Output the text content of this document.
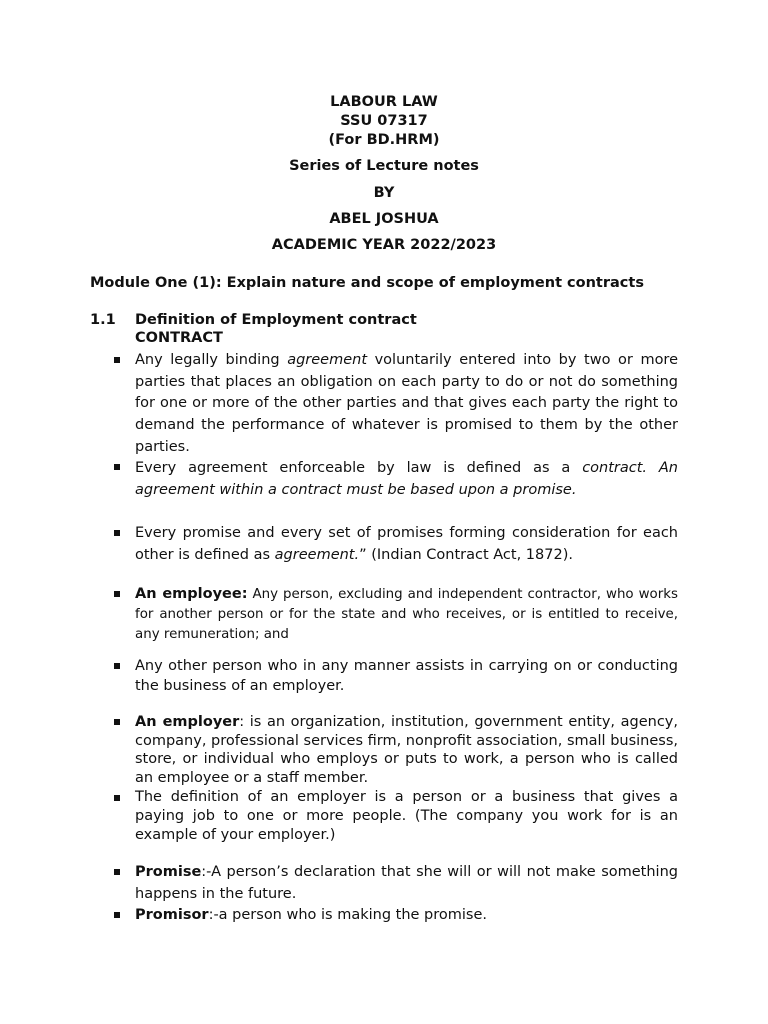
LABOUR LAW
SSU 07317
(For BD.HRM)
Series of Lecture notes
BY
ABEL JOSHUA
ACADEMIC YEAR 2022/2023
Module One (1): Explain nature and scope of employment contracts
1.1 Definition of Employment contract
CONTRACT
Any legally binding agreement voluntarily entered into by two or more parties that places an obligation on each party to do or not do something for one or more of the other parties and that gives each party the right to demand the performance of whatever is promised to them by the other parties.
Every agreement enforceable by law is defined as a contract. An agreement within a contract must be based upon a promise.
Every promise and every set of promises forming consideration for each other is defined as agreement.” (Indian Contract Act, 1872).
An employee: Any person, excluding and independent contractor, who works for another person or for the state and who receives, or is entitled to receive, any remuneration; and
Any other person who in any manner assists in carrying on or conducting the business of an employer.
An employer: is an organization, institution, government entity, agency, company, professional services firm, nonprofit association, small business, store, or individual who employs or puts to work, a person who is called an employee or a staff member.
The definition of an employer is a person or a business that gives a paying job to one or more people. (The company you work for is an example of your employer.)
Promise:-A person’s declaration that she will or will not make something happens in the future.
Promisor:-a person who is making the promise.
